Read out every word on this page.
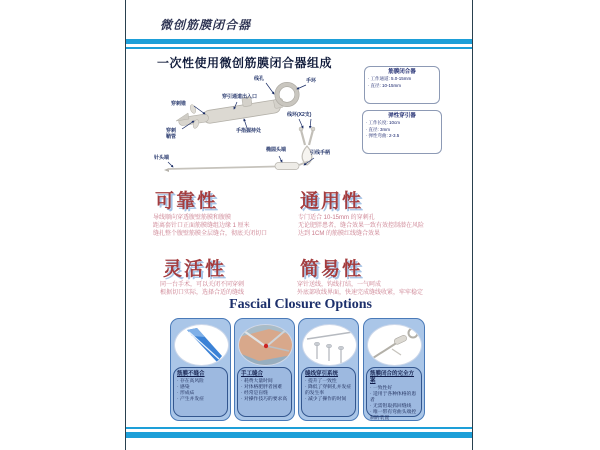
微创筋膜闭合器
一次性使用微创筋膜闭合器组成
穿刺锥
穿刺鞘管
穿引通道出入口
线孔	手环
手指握持处
线环(X2支)
针头端
椭圆头端	引线手柄
筋膜闭合器
· 工作通道: 5.0-15mm
· 直径: 10-15mm
弹性穿引器
· 工作长度: 10cm
· 直径: 3mm
· 弹性弯曲: 2-3.5
可靠性
导线顺向穿透腹壁筋膜和腹膜
距离套针口正面筋膜缝组边缘 1 厘米
缝扎整个腹壁筋膜全层缝合，彻底关闭切口
通用性
专门适合 10-15mm 的穿刺孔
无论肥胖患者，缝合效果一致有效控制潜在风险
达到 1CM 的筋膜红线缝合效果
灵活性
同一台手术，可以关闭不同穿刺
根据切口实际，选择合适的缝线
简易性
穿针送线，钩线打结，一气呵成
外底部收线界面，快速完成缝线收紧，牢牢稳定
Fascial Closure Options
筋膜不缝合
· 存在高风险
· 感染
· 形成疝
· 产生并发症
手工缝合
· 耗费大量时间
· 对体格肥胖者困难
· 经常是盲缝
· 对操作技巧的要求高
缝线穿引系统
· 提升了一致性
· 降低了穿刺孔并发症的发生率
· 减少了操作的时间
筋膜闭合的完全方案
· 一致性好
· 适用于各种体格的患者
· 无需钳取抓回缝线
· 唯一带有弯曲头端控制的装置
